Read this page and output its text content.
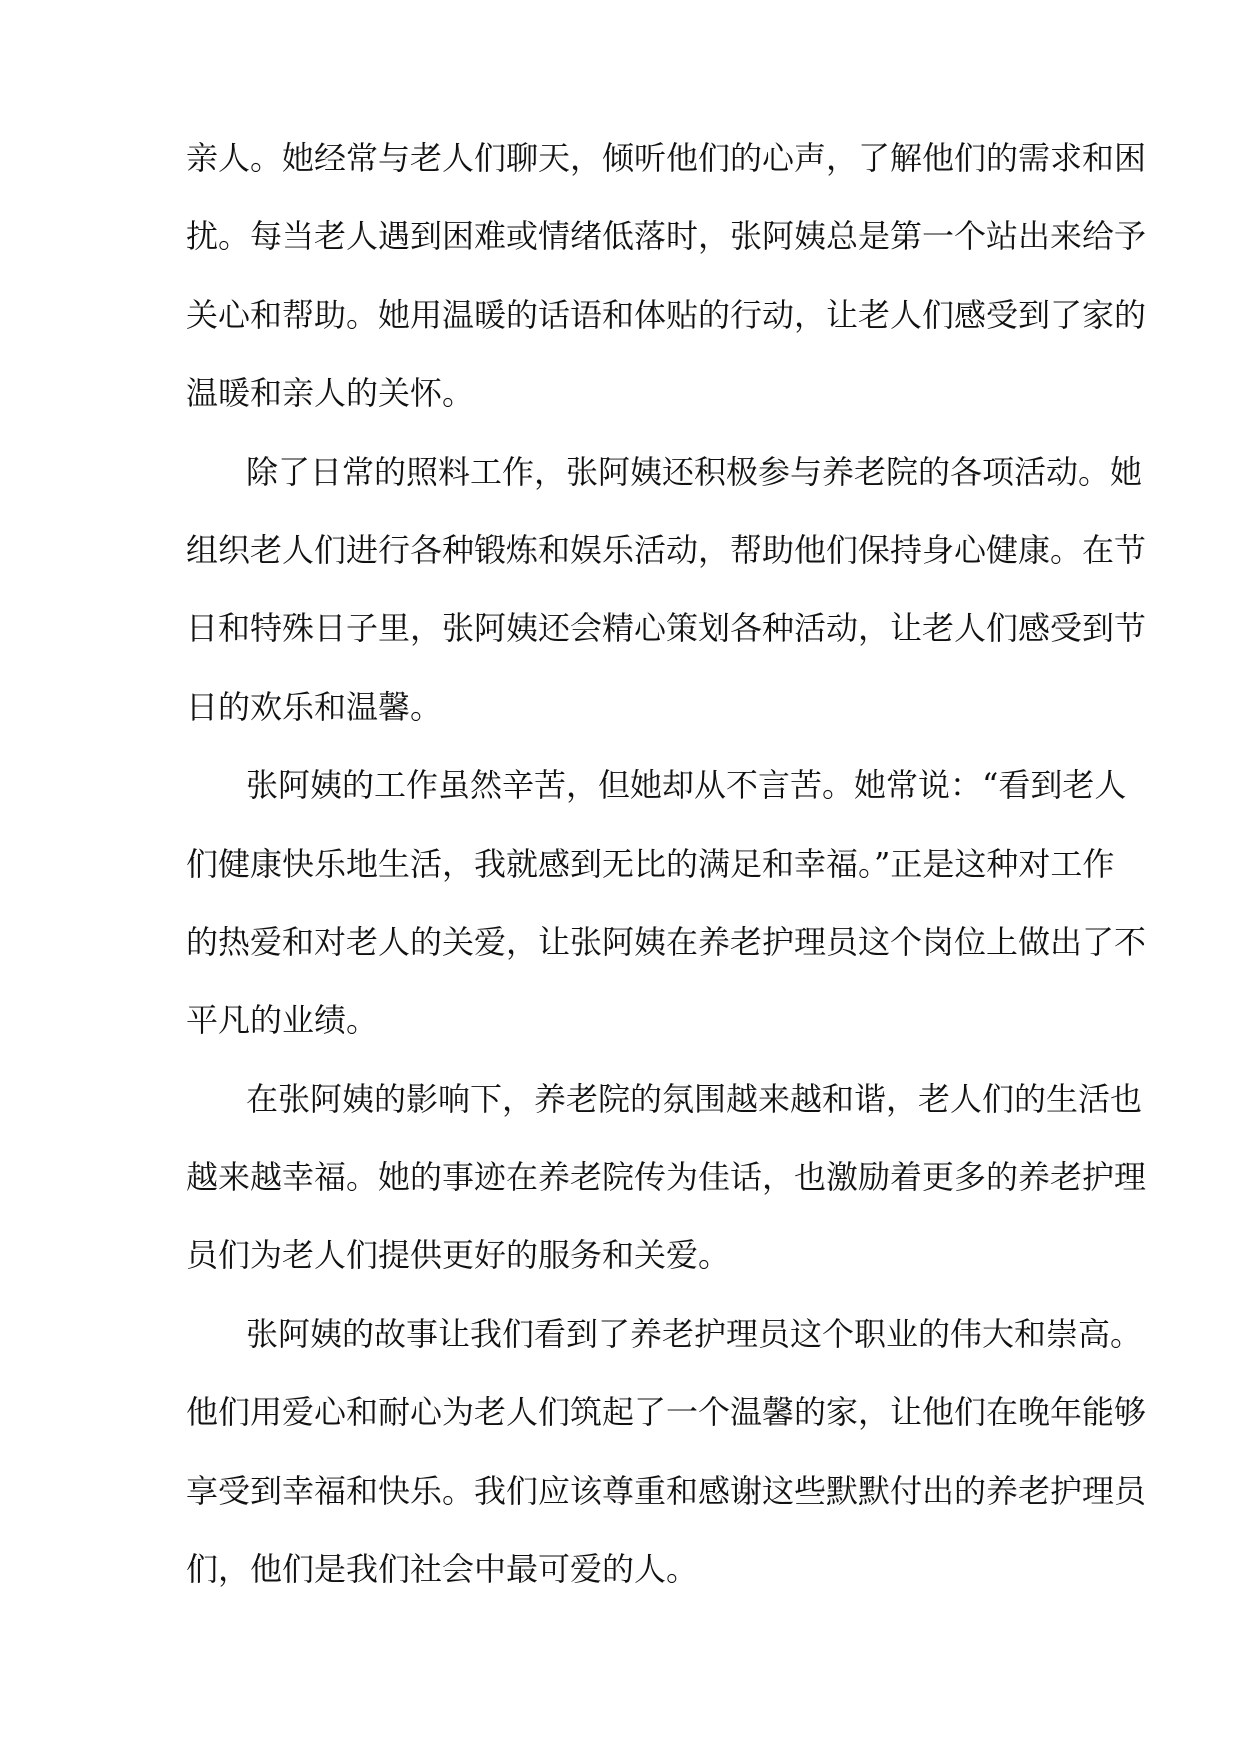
亲人。她经常与老人们聊天，倾听他们的心声，了解他们的需求和困
扰。每当老人遇到困难或情绪低落时，张阿姨总是第一个站出来给予
关心和帮助。她用温暖的话语和体贴的行动，让老人们感受到了家的
温暖和亲人的关怀。
除了日常的照料工作，张阿姨还积极参与养老院的各项活动。她
组织老人们进行各种锻炼和娱乐活动，帮助他们保持身心健康。在节
日和特殊日子里，张阿姨还会精心策划各种活动，让老人们感受到节
日的欢乐和温馨。
张阿姨的工作虽然辛苦，但她却从不言苦。她常说：“看到老人
们健康快乐地生活，我就感到无比的满足和幸福。”正是这种对工作
的热爱和对老人的关爱，让张阿姨在养老护理员这个岗位上做出了不
平凡的业绩。
在张阿姨的影响下，养老院的氛围越来越和谐，老人们的生活也
越来越幸福。她的事迹在养老院传为佳话，也激励着更多的养老护理
员们为老人们提供更好的服务和关爱。
张阿姨的故事让我们看到了养老护理员这个职业的伟大和崇高。
他们用爱心和耐心为老人们筑起了一个温馨的家，让他们在晚年能够
享受到幸福和快乐。我们应该尊重和感谢这些默默付出的养老护理员
们，他们是我们社会中最可爱的人。
